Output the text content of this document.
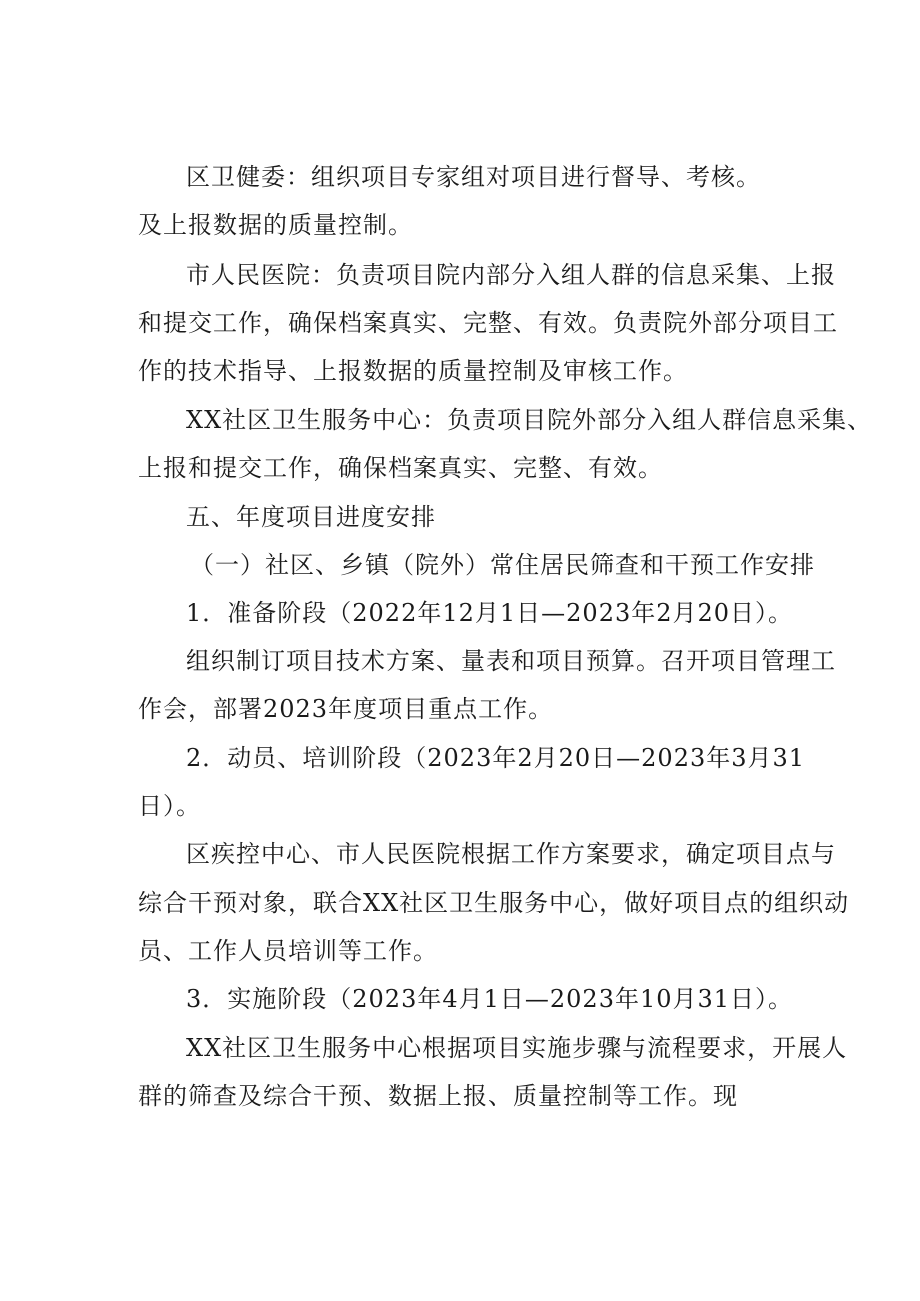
区卫健委：组织项目专家组对项目进行督导、考核。
及上报数据的质量控制。
市人民医院：负责项目院内部分入组人群的信息采集、上报
和提交工作，确保档案真实、完整、有效。负责院外部分项目工
作的技术指导、上报数据的质量控制及审核工作。
XX社区卫生服务中心：负责项目院外部分入组人群信息采集、
上报和提交工作，确保档案真实、完整、有效。
五、年度项目进度安排
（一）社区、乡镇（院外）常住居民筛查和干预工作安排
1．准备阶段（2022年12月1日—2023年2月20日）。
组织制订项目技术方案、量表和项目预算。召开项目管理工
作会，部署2023年度项目重点工作。
2．动员、培训阶段（2023年2月20日—2023年3月31
日）。
区疾控中心、市人民医院根据工作方案要求，确定项目点与
综合干预对象，联合XX社区卫生服务中心，做好项目点的组织动
员、工作人员培训等工作。
3．实施阶段（2023年4月1日—2023年10月31日）。
XX社区卫生服务中心根据项目实施步骤与流程要求，开展人
群的筛查及综合干预、数据上报、质量控制等工作。现
